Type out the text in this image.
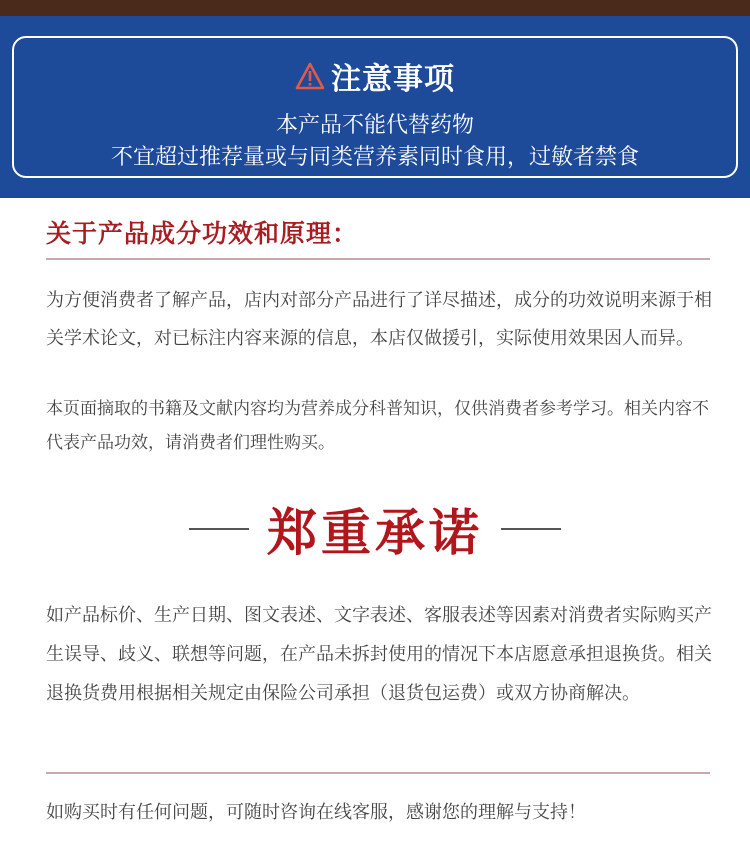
注意事项
本产品不能代替药物
不宜超过推荐量或与同类营养素同时食用，过敏者禁食
关于产品成分功效和原理：
为方便消费者了解产品，店内对部分产品进行了详尽描述，成分的功效说明来源于相关学术论文，对已标注内容来源的信息，本店仅做援引，实际使用效果因人而异。
本页面摘取的书籍及文献内容均为营养成分科普知识，仅供消费者参考学习。相关内容不代表产品功效，请消费者们理性购买。
郑重承诺
如产品标价、生产日期、图文表述、文字表述、客服表述等因素对消费者实际购买产生误导、歧义、联想等问题，在产品未拆封使用的情况下本店愿意承担退换货。相关退换货费用根据相关规定由保险公司承担（退货包运费）或双方协商解决。
如购买时有任何问题，可随时咨询在线客服，感谢您的理解与支持！
